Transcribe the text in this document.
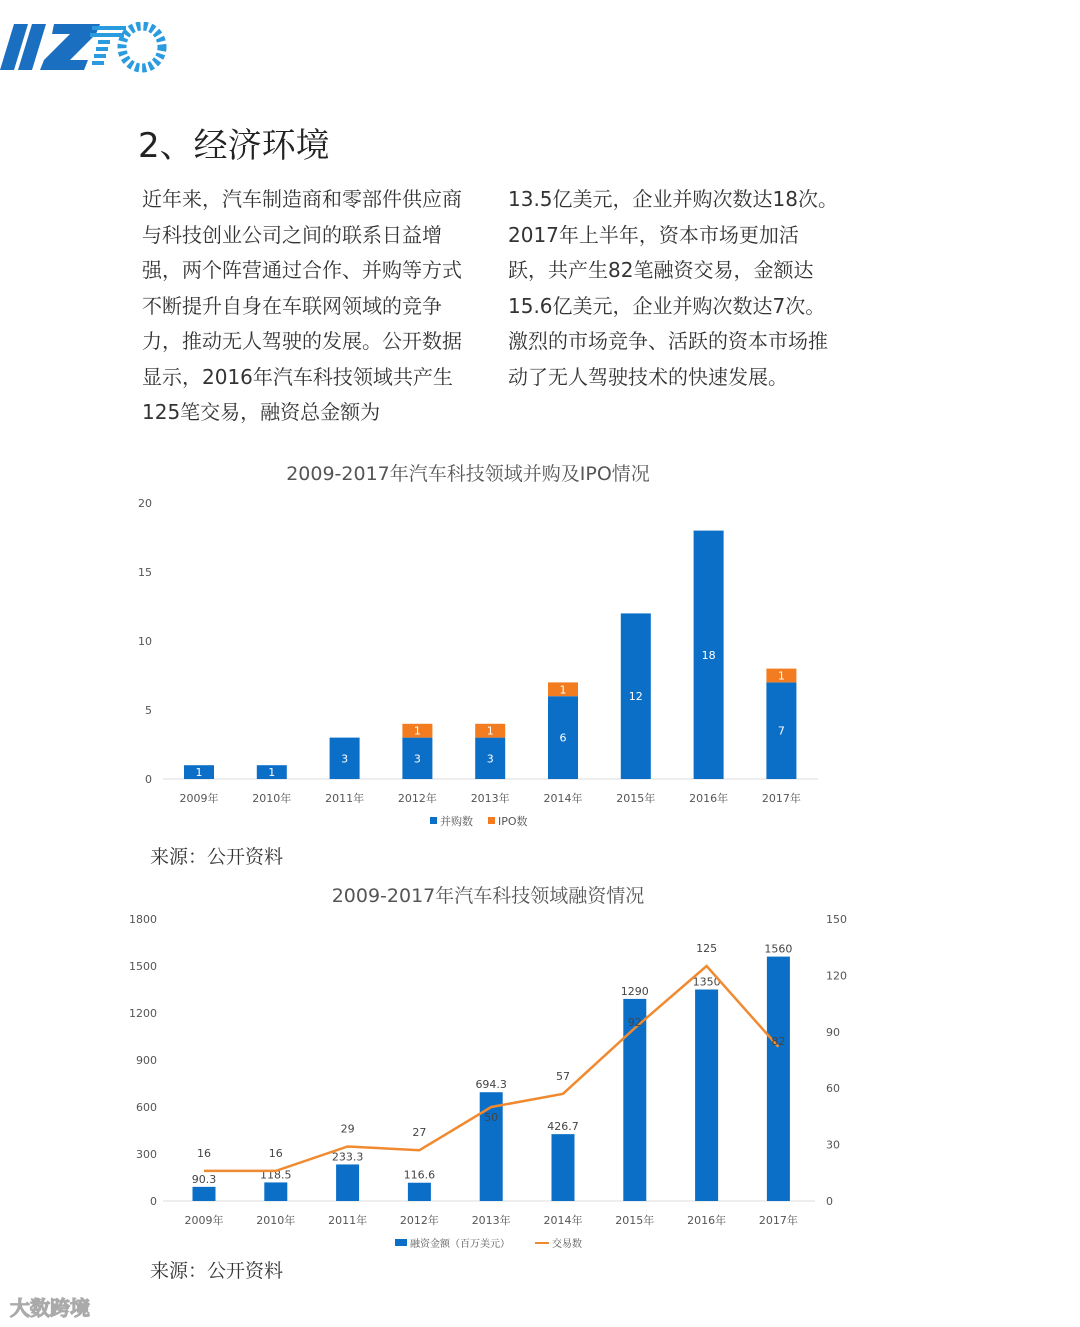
2、经济环境
近年来，汽车制造商和零部件供应商与科技创业公司之间的联系日益增强，两个阵营通过合作、并购等方式不断提升自身在车联网领域的竞争力，推动无人驾驶的发展。公开数据显示，2016年汽车科技领域共产生 125笔交易，融资总金额为
13.5亿美元，企业并购次数达18次。2017年上半年，资本市场更加活跃，共产生82笔融资交易，金额达15.6亿美元，企业并购次数达7次。激烈的市场竞争、活跃的资本市场推动了无人驾驶技术的快速发展。
2009-2017年汽车科技领域并购及IPO情况
0
5
10
15
20
1
2009年
1
2010年
3
2011年
3
1
2012年
3
1
2013年
6
1
2014年
12
2015年
18
2016年
7
1
2017年
并购数 IPO数
来源：公开资料
2009-2017年汽车科技领域融资情况
0
300
600
900
1200
1500
1800
0
30
60
90
120
150
90.3
2009年
118.5
2010年
233.3
2011年
116.6
2012年
694.3
2013年
426.7
2014年
1290
2015年
1350
2016年
1560
2017年
16	16
29	27
50
57
92
125
82
融资金额（百万美元）	交易数
来源：公开资料
大数跨境
